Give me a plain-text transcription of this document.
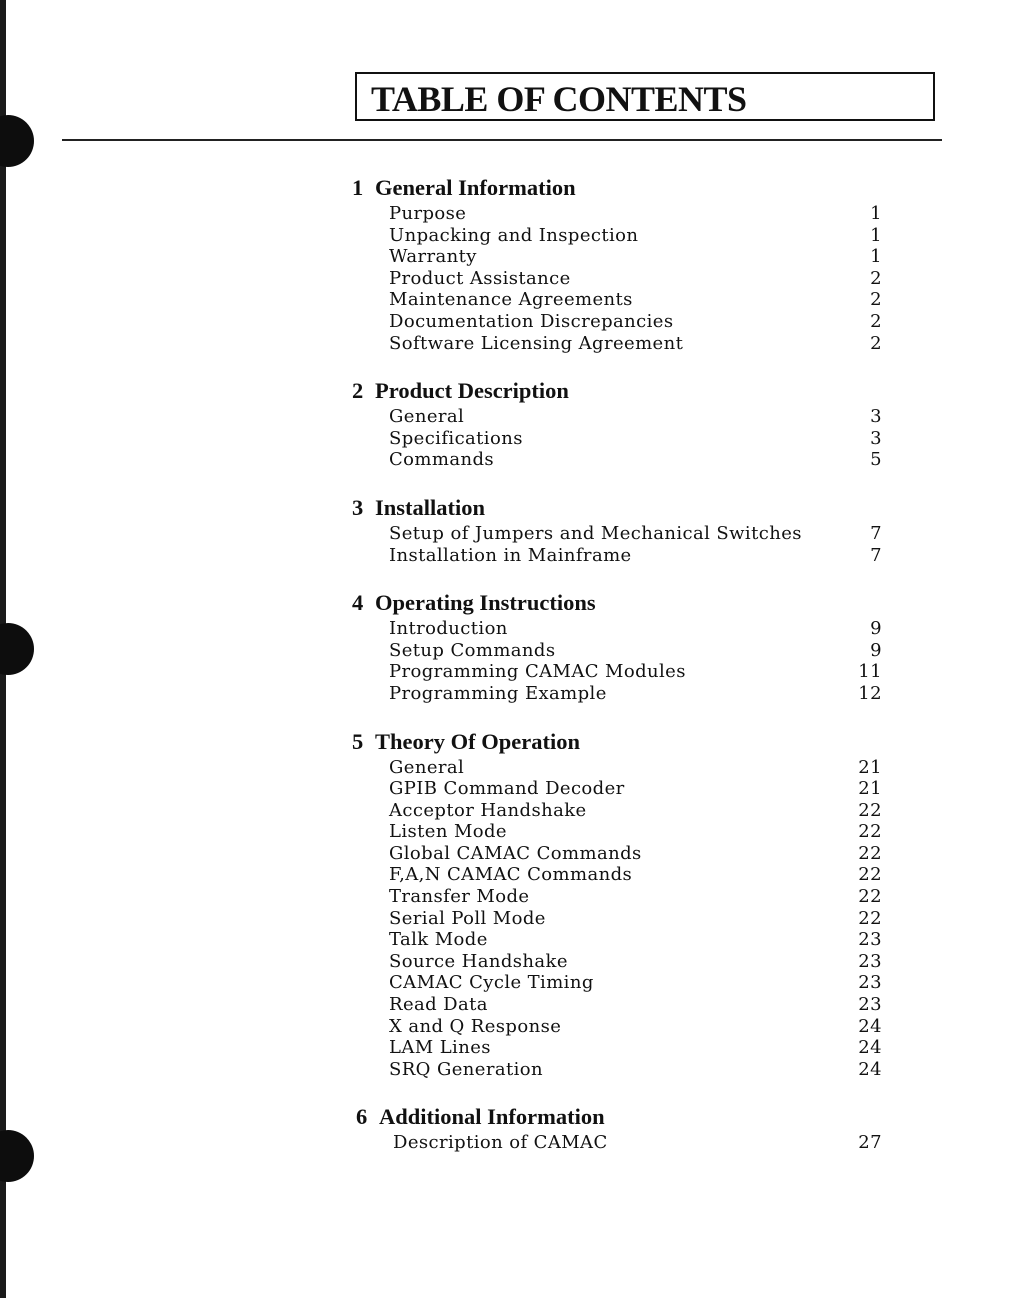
TABLE OF CONTENTS
1 General Information
Purpose	1
Unpacking and Inspection	1
Warranty	1
Product Assistance	2
Maintenance Agreements	2
Documentation Discrepancies	2
Software Licensing Agreement	2
2 Product Description
General	3
Specifications	3
Commands	5
3 Installation
Setup of Jumpers and Mechanical Switches	7
Installation in Mainframe	7
4 Operating Instructions
Introduction	9
Setup Commands	9
Programming CAMAC Modules	11
Programming Example	12
5 Theory Of Operation
General	21
GPIB Command Decoder	21
Acceptor Handshake	22
Listen Mode	22
Global CAMAC Commands	22
F,A,N CAMAC Commands	22
Transfer Mode	22
Serial Poll Mode	22
Talk Mode	23
Source Handshake	23
CAMAC Cycle Timing	23
Read Data	23
X and Q Response	24
LAM Lines	24
SRQ Generation	24
6 Additional Information
Description of CAMAC	27
